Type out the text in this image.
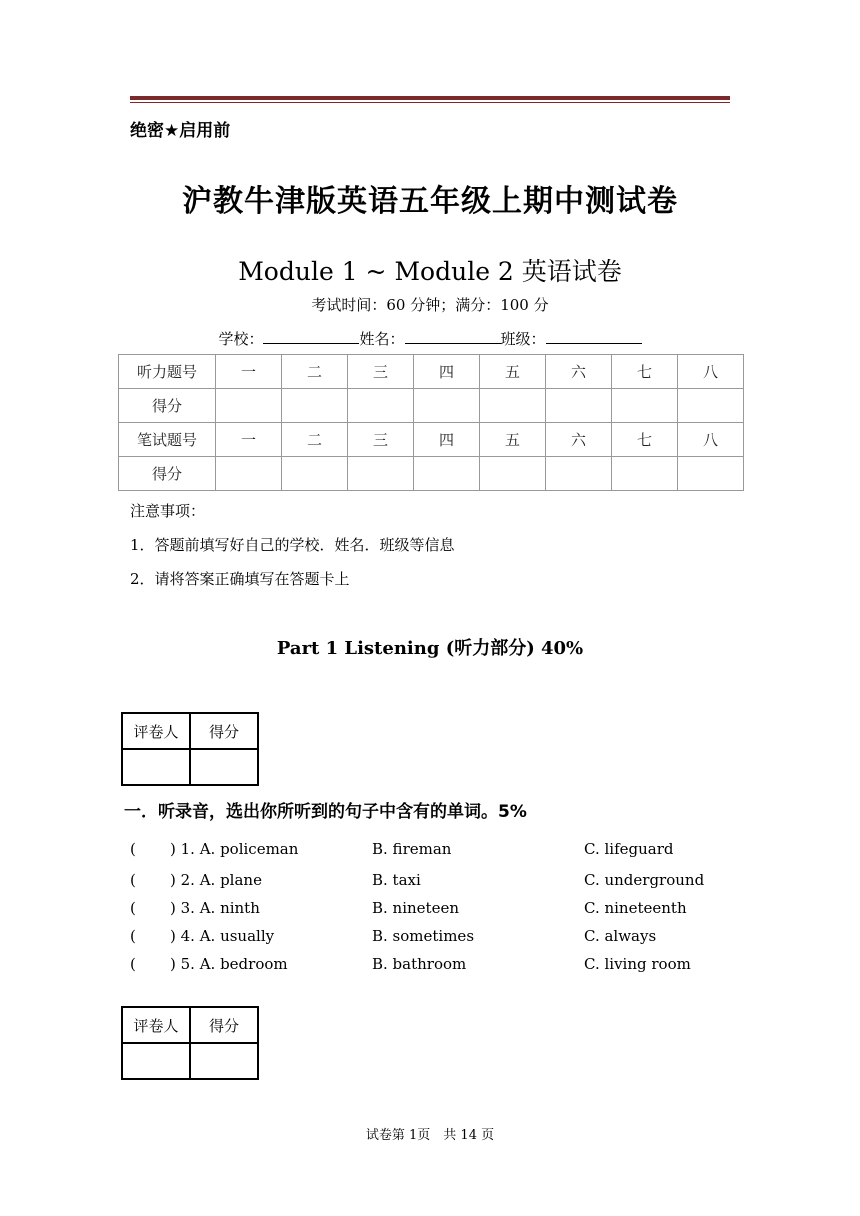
绝密★启用前
沪教牛津版英语五年级上期中测试卷
Module 1 ~ Module 2 英语试卷
考试时间：60 分钟；满分：100 分
学校：	姓名：	班级：
听力题号	一	二	三	四	五	六	七	八
得分								
笔试题号	一	二	三	四	五	六	七	八
得分								
注意事项：
1．答题前填写好自己的学校．姓名．班级等信息
2．请将答案正确填写在答题卡上
Part 1 Listening (听力部分) 40%
评卷人	得分

一．听录音，选出你所听到的句子中含有的单词。5%
( ) 1. A. policeman	B. fireman	C. lifeguard
( ) 2. A. plane	B. taxi	C. underground
( ) 3. A. ninth	B. nineteen	C. nineteenth
( ) 4. A. usually	B. sometimes	C. always
( ) 5. A. bedroom	B. bathroom	C. living room
评卷人	得分

试卷第 1页　共 14 页
